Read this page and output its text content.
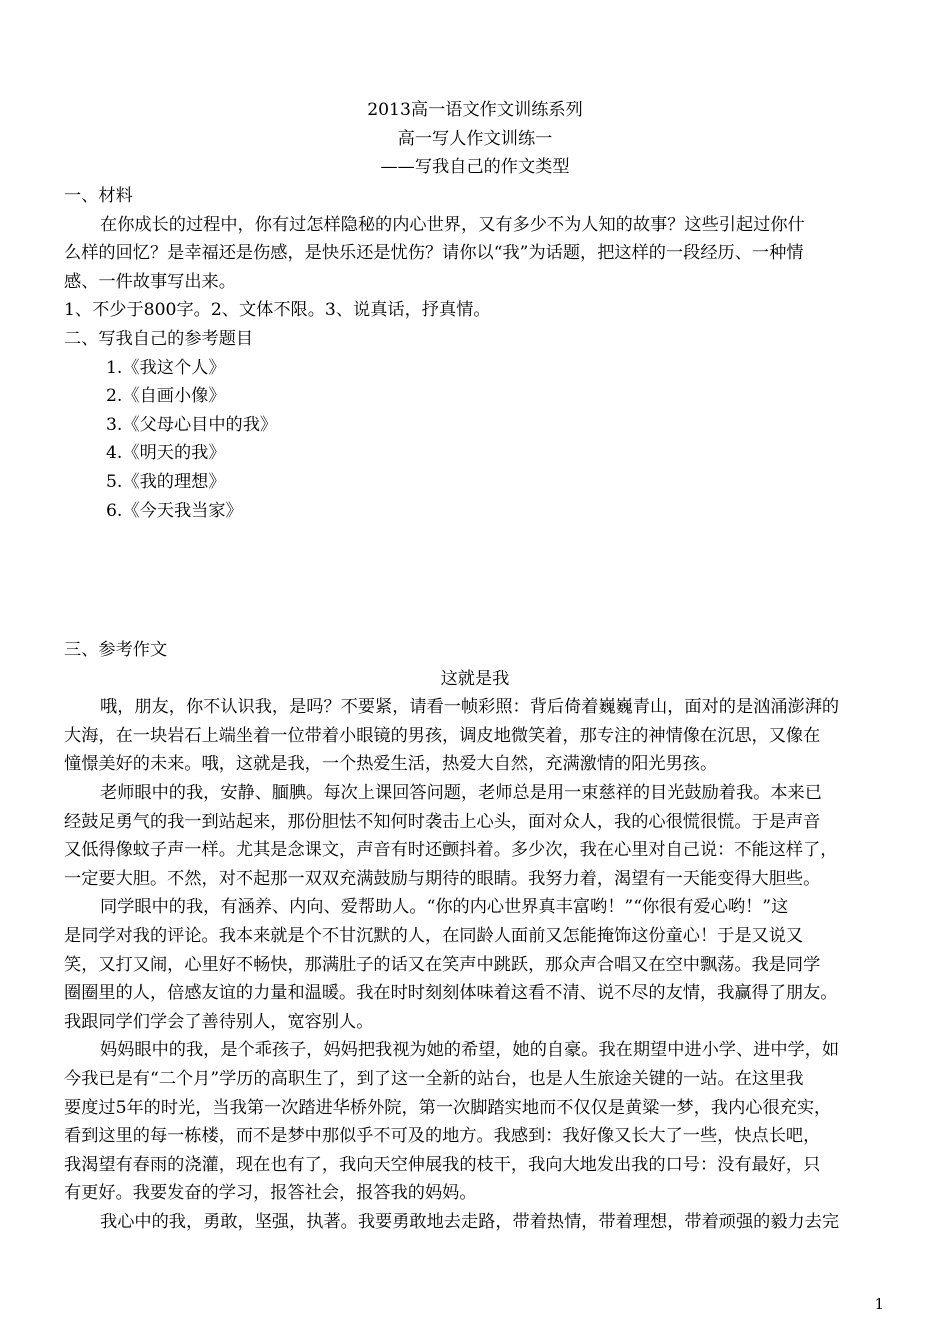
2013高一语文作文训练系列
高一写人作文训练一
——写我自己的作文类型
一、材料
在你成长的过程中，你有过怎样隐秘的内心世界，又有多少不为人知的故事？这些引起过你什
么样的回忆？是幸福还是伤感，是快乐还是忧伤？请你以“我”为话题，把这样的一段经历、一种情
感、一件故事写出来。
1、不少于800字。2、文体不限。3、说真话，抒真情。
二、写我自己的参考题目
1.《我这个人》
2.《自画小像》
3.《父母心目中的我》
4.《明天的我》
5.《我的理想》
6.《今天我当家》
三、参考作文
这就是我
哦，朋友，你不认识我，是吗？不要紧，请看一帧彩照：背后倚着巍巍青山，面对的是汹涌澎湃的
大海，在一块岩石上端坐着一位带着小眼镜的男孩，调皮地微笑着，那专注的神情像在沉思，又像在
憧憬美好的未来。哦，这就是我，一个热爱生活，热爱大自然，充满激情的阳光男孩。
老师眼中的我，安静、腼腆。每次上课回答问题，老师总是用一束慈祥的目光鼓励着我。本来已
经鼓足勇气的我一到站起来，那份胆怯不知何时袭击上心头，面对众人，我的心很慌很慌。于是声音
又低得像蚊子声一样。尤其是念课文，声音有时还颤抖着。多少次，我在心里对自己说：不能这样了，
一定要大胆。不然，对不起那一双双充满鼓励与期待的眼睛。我努力着，渴望有一天能变得大胆些。
同学眼中的我，有涵养、内向、爱帮助人。“你的内心世界真丰富哟！”“你很有爱心哟！”这
是同学对我的评论。我本来就是个不甘沉默的人，在同龄人面前又怎能掩饰这份童心！于是又说又
笑，又打又闹，心里好不畅快，那满肚子的话又在笑声中跳跃，那众声合唱又在空中飘荡。我是同学
圈圈里的人，倍感友谊的力量和温暖。我在时时刻刻体味着这看不清、说不尽的友情，我赢得了朋友。
我跟同学们学会了善待别人，宽容别人。
妈妈眼中的我，是个乖孩子，妈妈把我视为她的希望，她的自豪。我在期望中进小学、进中学，如
今我已是有“二个月”学历的高职生了，到了这一全新的站台，也是人生旅途关键的一站。在这里我
要度过5年的时光，当我第一次踏进华桥外院，第一次脚踏实地而不仅仅是黄粱一梦，我内心很充实，
看到这里的每一栋楼，而不是梦中那似乎不可及的地方。我感到：我好像又长大了一些，快点长吧，
我渴望有春雨的浇灌，现在也有了，我向天空伸展我的枝干，我向大地发出我的口号：没有最好，只
有更好。我要发奋的学习，报答社会，报答我的妈妈。
我心中的我，勇敢，坚强，执著。我要勇敢地去走路，带着热情，带着理想，带着顽强的毅力去完
1
